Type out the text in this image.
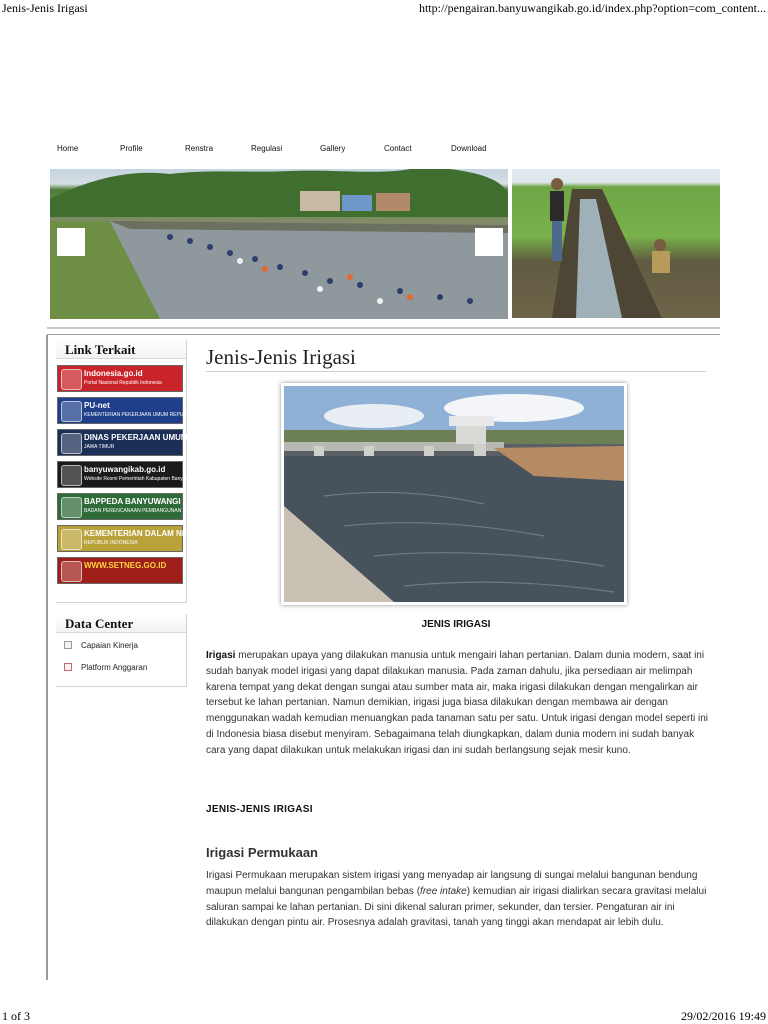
Jenis-Jenis Irigasi	http://pengairan.banyuwangikab.go.id/index.php?option=com_content...
Home	Profile	Renstra	Regulasi	Gallery	Contact	Download
Link Terkait
Indonesia.go.id
Portal Nasional Republik Indonesia
PU-net
KEMENTERIAN PEKERJAAN UMUM REPUBLIK INDONESIA
DINAS PEKERJAAN UMUM PENGAIRAN
JAWA TIMUR
banyuwangikab.go.id
Website Resmi Pemerintah Kabupaten Banyuwangi
BAPPEDA BANYUWANGI
BADAN PERENCANAAN PEMBANGUNAN DAERAH
KEMENTERIAN DALAM NEGERI
REPUBLIK INDONESIA
WWW.SETNEG.GO.ID
Data Center
Capaian Kinerja
Platform Anggaran
Jenis-Jenis Irigasi
JENIS IRIGASI

Irigasi merupakan upaya yang dilakukan manusia untuk mengairi lahan pertanian. Dalam dunia modern, saat ini sudah banyak model irigasi yang dapat dilakukan manusia. Pada zaman dahulu, jika persediaan air melimpah karena tempat yang dekat dengan sungai atau sumber mata air, maka irigasi dilakukan dengan mengalirkan air tersebut ke lahan pertanian. Namun demikian, irigasi juga biasa dilakukan dengan membawa air dengan menggunakan wadah kemudian menuangkan pada tanaman satu per satu. Untuk irigasi dengan model seperti ini di Indonesia biasa disebut menyiram. Sebagaimana telah diungkapkan, dalam dunia modern ini sudah banyak cara yang dapat dilakukan untuk melakukan irigasi dan ini sudah berlangsung sejak mesir kuno.

JENIS-JENIS IRIGASI
Irigasi Permukaan

Irigasi Permukaan merupakan sistem irigasi yang menyadap air langsung di sungai melalui bangunan bendung maupun melalui bangunan pengambilan bebas (free intake) kemudian air irigasi dialirkan secara gravitasi melalui saluran sampai ke lahan pertanian. Di sini dikenal saluran primer, sekunder, dan tersier. Pengaturan air ini dilakukan dengan pintu air. Prosesnya adalah gravitasi, tanah yang tinggi akan mendapat air lebih dulu.

1 of 3	29/02/2016 19:49
